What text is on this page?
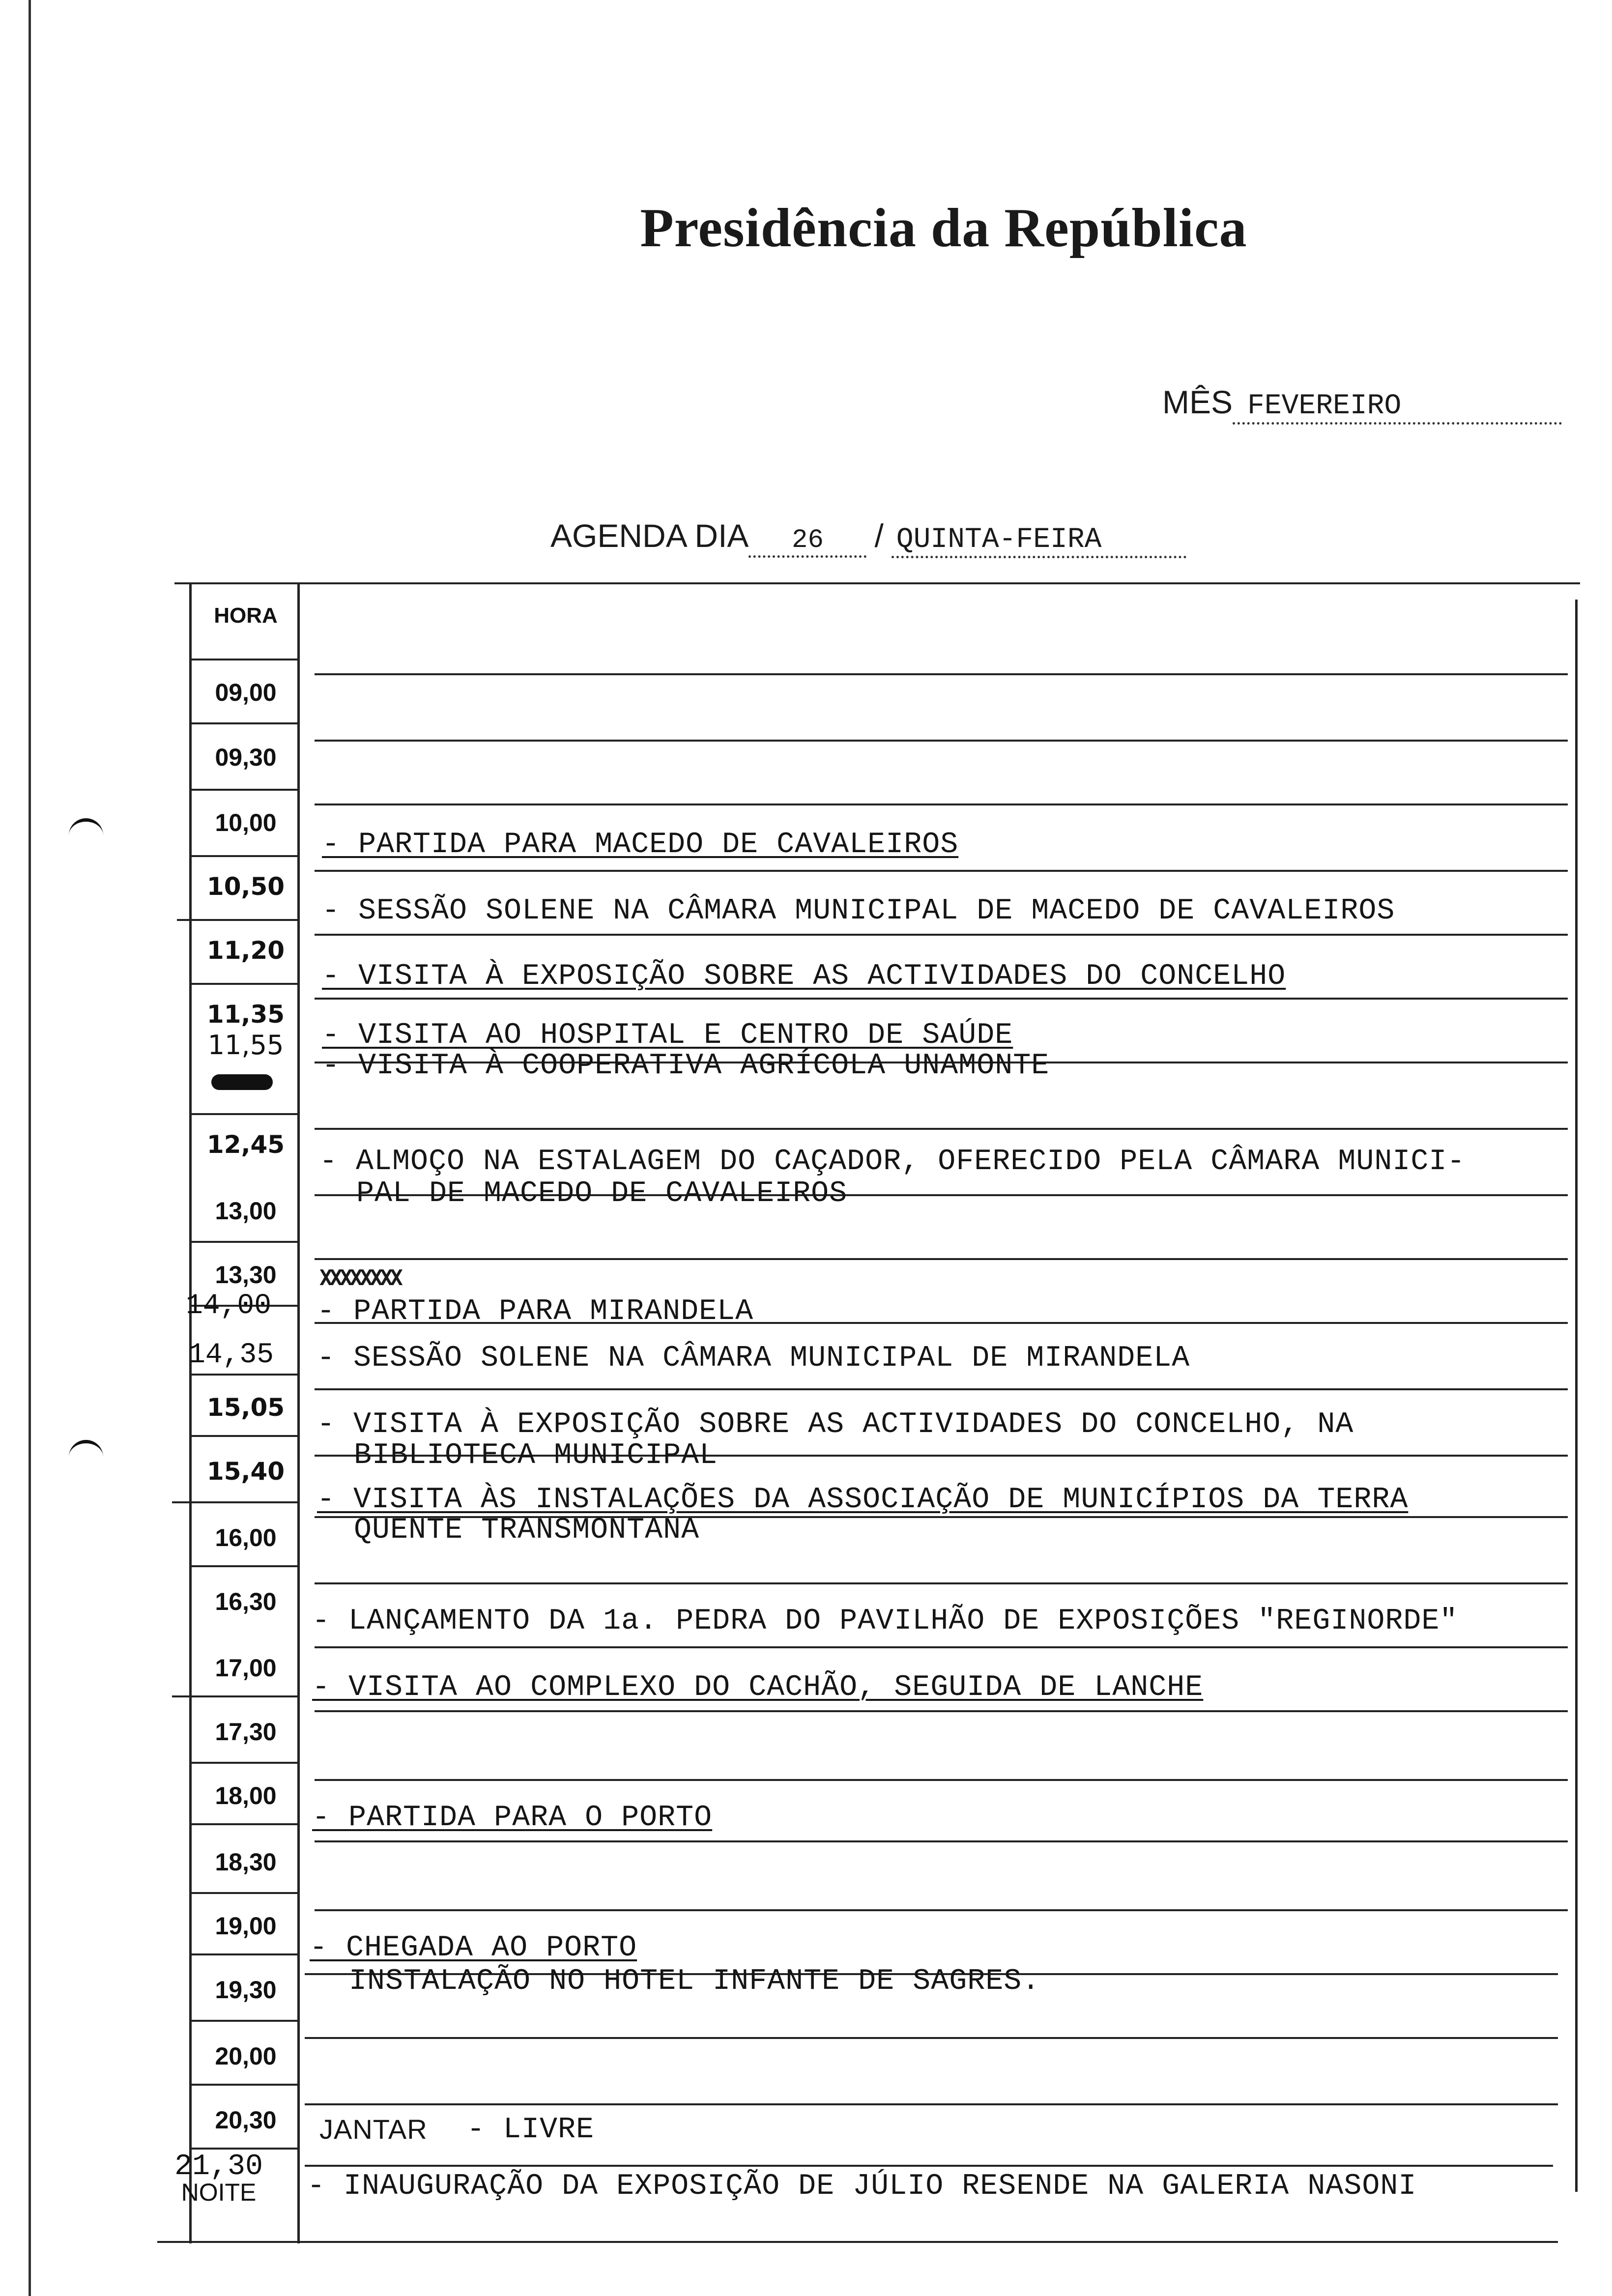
Presidência da República
MÊS FEVEREIRO
AGENDA DIA 26 / QUINTA-FEIRA
HORA
09,00
09,30
10,00
10,50
11,20
11,35
11,55
12,45
13,00
13,30
14,00
14,35
15,05
15,40
16,00
16,30
17,00
17,30
18,00
18,30
19,00
19,30
20,00
20,30
21,30
NOITE
- PARTIDA PARA MACEDO DE CAVALEIROS
- SESSÃO SOLENE NA CÂMARA MUNICIPAL DE MACEDO DE CAVALEIROS
- VISITA À EXPOSIÇÃO SOBRE AS ACTIVIDADES DO CONCELHO
- VISITA AO HOSPITAL E CENTRO DE SAÚDE
- VISITA À COOPERATIVA AGRÍCOLA UNAMONTE
- ALMOÇO NA ESTALAGEM DO CAÇADOR, OFERECIDO PELA CÂMARA MUNICI-
PAL DE MACEDO DE CAVALEIROS
XXXXXXXX
- PARTIDA PARA MIRANDELA
- SESSÃO SOLENE NA CÂMARA MUNICIPAL DE MIRANDELA
- VISITA À EXPOSIÇÃO SOBRE AS ACTIVIDADES DO CONCELHO, NA
BIBLIOTECA MUNICIPAL
- VISITA ÀS INSTALAÇÕES DA ASSOCIAÇÃO DE MUNICÍPIOS DA TERRA
QUENTE TRANSMONTANA
- LANÇAMENTO DA 1a. PEDRA DO PAVILHÃO DE EXPOSIÇÕES "REGINORDE"
- VISITA AO COMPLEXO DO CACHÃO, SEGUIDA DE LANCHE
- PARTIDA PARA O PORTO
- CHEGADA AO PORTO
INSTALAÇÃO NO HOTEL INFANTE DE SAGRES.
JANTAR - LIVRE
- INAUGURAÇÃO DA EXPOSIÇÃO DE JÚLIO RESENDE NA GALERIA NASONI
